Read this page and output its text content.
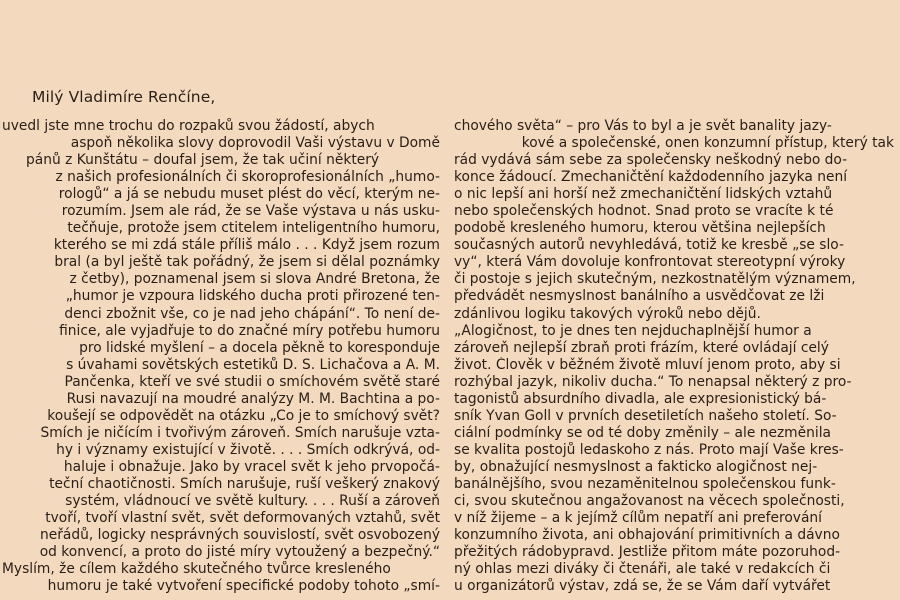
Milý Vladimíre Renčíne,
uvedl jste mne trochu do rozpaků svou žádostí, abych
aspoň několika slovy doprovodil Vaši výstavu v Domě
pánů z Kunštátu – doufal jsem, že tak učiní některý
z našich profesionálních či skoroprofesionálních „humo-
rologů“ a já se nebudu muset plést do věcí, kterým ne-
rozumím. Jsem ale rád, že se Vaše výstava u nás usku-
tečňuje, protože jsem ctitelem inteligentního humoru,
kterého se mi zdá stále příliš málo . . . Když jsem rozum
bral (a byl ještě tak pořádný, že jsem si dělal poznámky
z četby), poznamenal jsem si slova André Bretona, že
„humor je vzpoura lidského ducha proti přirozené ten-
denci zbožnit vše, co je nad jeho chápání“. To není de-
finice, ale vyjadřuje to do značné míry potřebu humoru
pro lidské myšlení – a docela pěkně to koresponduje
s úvahami sovětských estetiků D. S. Lichačova a A. M.
Pančenka, kteří ve své studii o smíchovém světě staré
Rusi navazují na moudré analýzy M. M. Bachtina a po-
koušejí se odpovědět na otázku „Co je to smíchový svět?
Smích je ničícím i tvořivým zároveň. Smích narušuje vzta-
hy i významy existující v životě. . . . Smích odkrývá, od-
haluje i obnažuje. Jako by vracel svět k jeho prvopočá-
teční chaotičnosti. Smích narušuje, ruší veškerý znakový
systém, vládnoucí ve světě kultury. . . . Ruší a zároveň
tvoří, tvoří vlastní svět, svět deformovaných vztahů, svět
neřádů, logicky nesprávných souvislostí, svět osvobozený
od konvencí, a proto do jisté míry vytoužený a bezpečný.“
Myslím, že cílem každého skutečného tvůrce kresleného
humoru je také vytvoření specifické podoby tohoto „smí-
chového světa“ – pro Vás to byl a je svět banality jazy-
kové a společenské, onen konzumní přístup, který tak
rád vydává sám sebe za společensky neškodný nebo do-
konce žádoucí. Zmechaničtění každodenního jazyka není
o nic lepší ani horší než zmechaničtění lidských vztahů
nebo společenských hodnot. Snad proto se vracíte k té
podobě kresleného humoru, kterou většina nejlepších
současných autorů nevyhledává, totiž ke kresbě „se slo-
vy“, která Vám dovoluje konfrontovat stereotypní výroky
či postoje s jejich skutečným, nezkostnatělým významem,
předvádět nesmyslnost banálního a usvědčovat ze lži
zdánlivou logiku takových výroků nebo dějů.
„Alogičnost, to je dnes ten nejduchaplnější humor a
zároveň nejlepší zbraň proti frázím, které ovládají celý
život. Člověk v běžném životě mluví jenom proto, aby si
rozhýbal jazyk, nikoliv ducha.“ To nenapsal některý z pro-
tagonistů absurdního divadla, ale expresionistický bá-
sník Yvan Goll v prvních desetiletích našeho století. So-
ciální podmínky se od té doby změnily – ale nezměnila
se kvalita postojů ledaskoho z nás. Proto mají Vaše kres-
by, obnažující nesmyslnost a fakticko alogičnost nej-
banálnějšího, svou nezaměnitelnou společenskou funk-
ci, svou skutečnou angažovanost na věcech společnosti,
v níž žijeme – a k jejímž cílům nepatří ani preferování
konzumního života, ani obhajování primitivních a dávno
přežitých rádobypravd. Jestliže přitom máte pozoruhod-
ný ohlas mezi diváky či čtenáři, ale také v redakcích či
u organizátorů výstav, zdá se, že se Vám daří vytvářet
